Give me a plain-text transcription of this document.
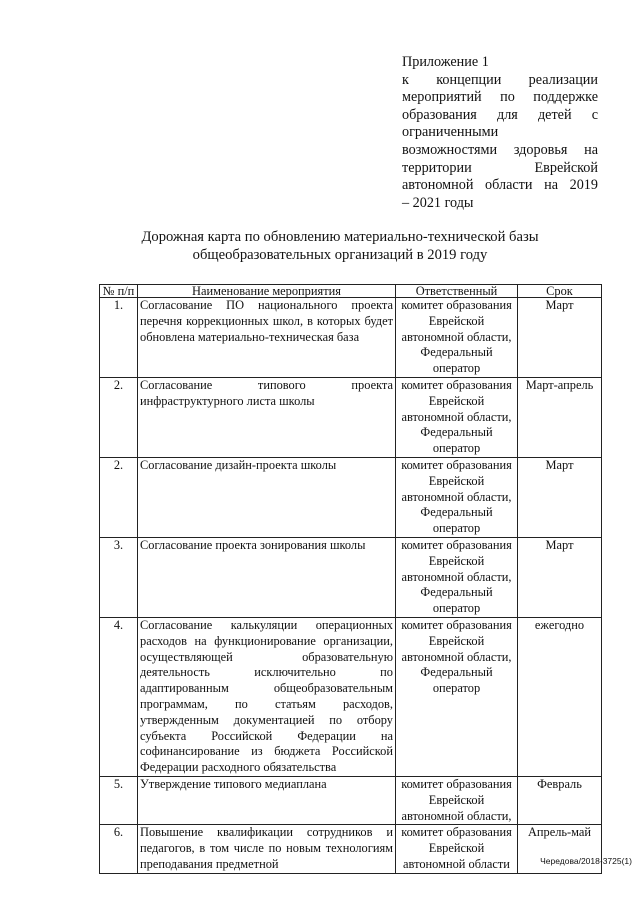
Приложение 1
к концепции реализации
мероприятий по поддержке
образования для детей с
ограниченными
возможностями здоровья на
территории Еврейской
автономной области на 2019
– 2021 годы
Дорожная карта по обновлению материально-технической базы
общеобразовательных организаций в 2019 году
№ п/п	Наименование мероприятия	Ответственный	Срок
1.	Согласование ПО национального проекта перечня коррекционных школ, в которых будет обновлена материально-техническая база	комитет образования Еврейской автономной области, Федеральный оператор	Март
2.	Согласование типового проекта инфраструктурного листа школы	комитет образования Еврейской автономной области, Федеральный оператор	Март-апрель
2.	Согласование дизайн-проекта школы	комитет образования Еврейской автономной области, Федеральный оператор	Март
3.	Согласование проекта зонирования школы	комитет образования Еврейской автономной области, Федеральный оператор	Март
4.	Согласование калькуляции операционных расходов на функционирование организации, осуществляющей образовательную деятельность исключительно по адаптированным общеобразовательным программам, по статьям расходов, утвержденным документацией по отбору субъекта Российской Федерации на софинансирование из бюджета Российской Федерации расходного обязательства	комитет образования Еврейской автономной области, Федеральный оператор	ежегодно
5.	Утверждение типового медиаплана	комитет образования Еврейской автономной области,	Февраль
6.	Повышение квалификации сотрудников и педагогов, в том числе по новым технологиям преподавания предметной	комитет образования Еврейской автономной области	Апрель-май
Чередова/2018-3725(1)
